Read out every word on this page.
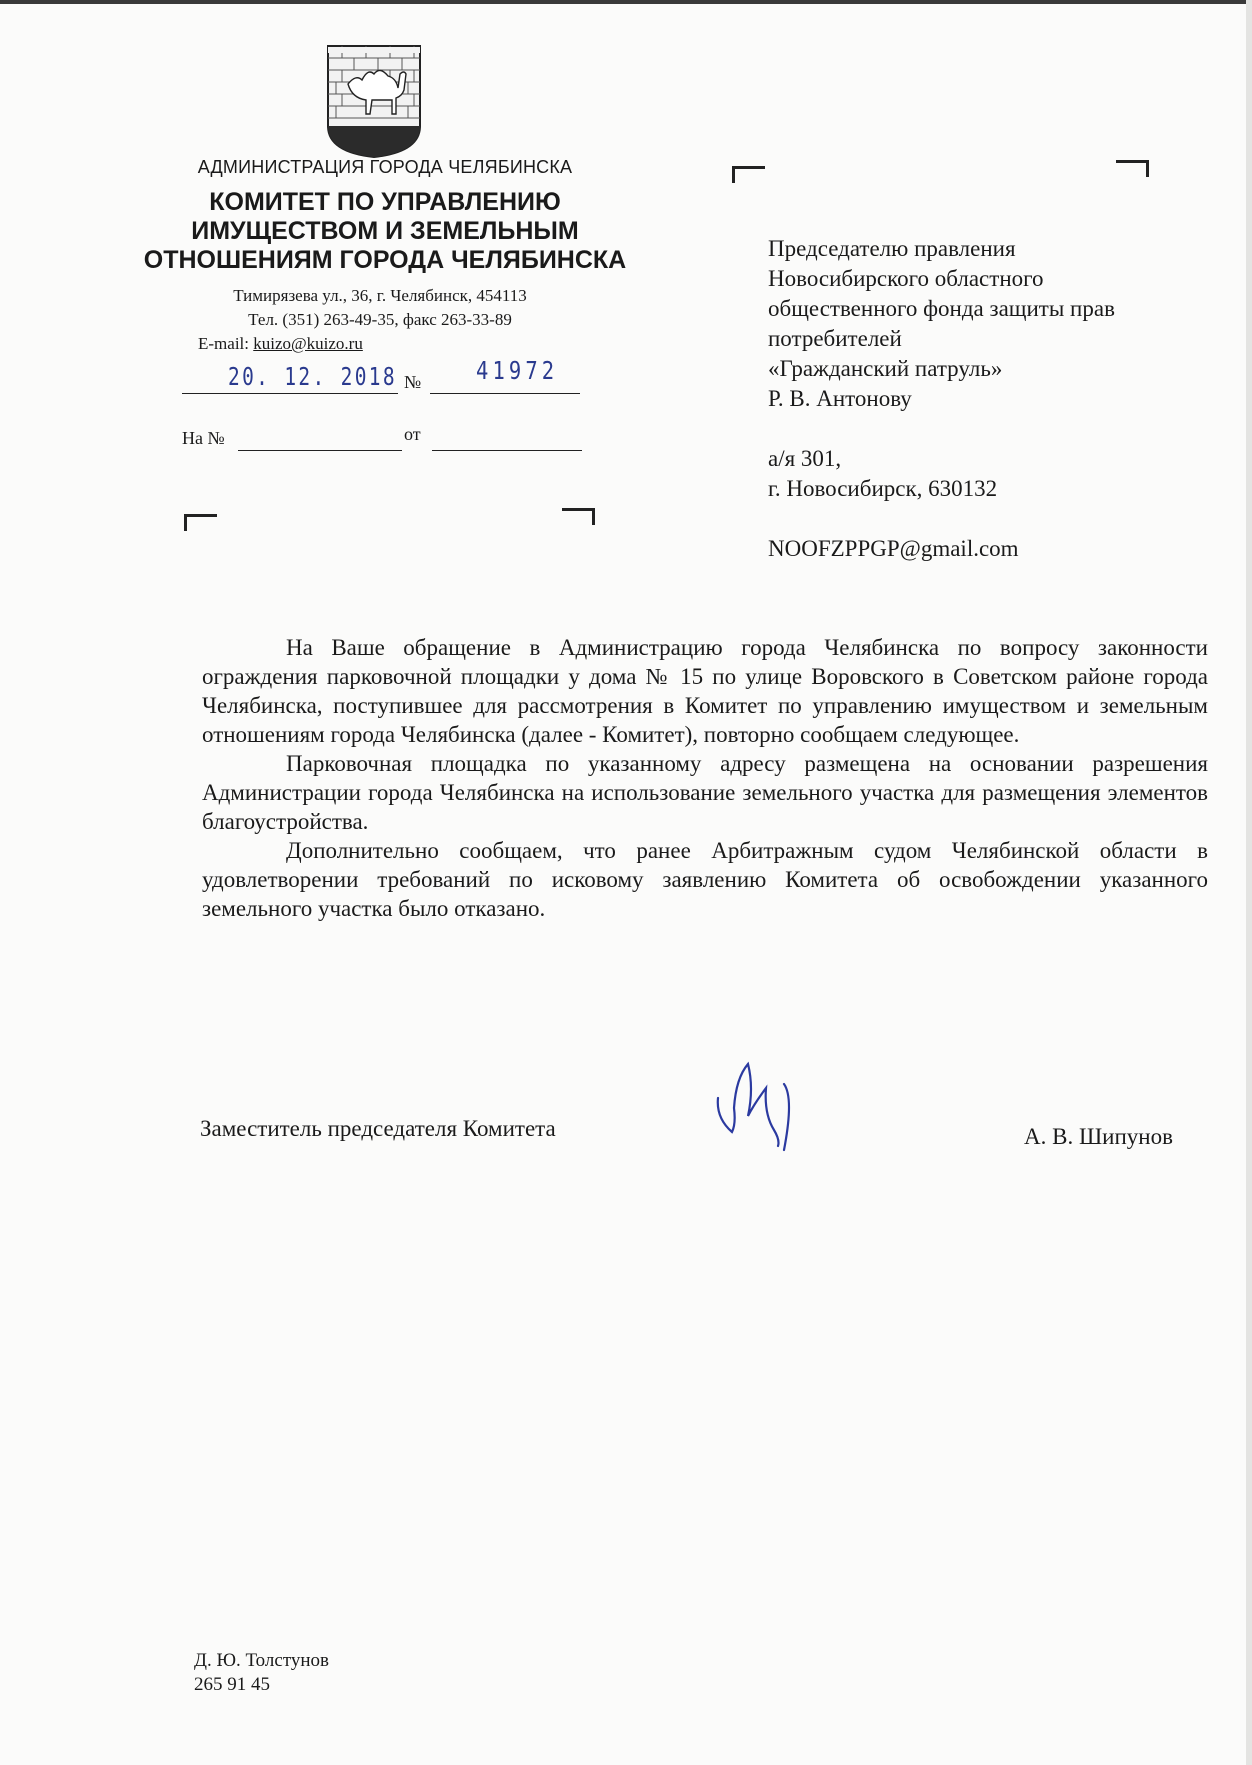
АДМИНИСТРАЦИЯ ГОРОДА ЧЕЛЯБИНСКА
КОМИТЕТ ПО УПРАВЛЕНИЮ
ИМУЩЕСТВОМ И ЗЕМЕЛЬНЫМ
ОТНОШЕНИЯМ ГОРОДА ЧЕЛЯБИНСКА
Тимирязева ул., 36, г. Челябинск, 454113
Тел. (351) 263-49-35, факс 263-33-89
E-mail: kuizo@kuizo.ru
20. 12. 2018 № 41972
На №	от
Председателю правления
Новосибирского областного
общественного фонда защиты прав
потребителей
«Гражданский патруль»
Р. В. Антонову
а/я 301,
г. Новосибирск, 630132
NOOFZPPGP@gmail.com

На Ваше обращение в Администрацию города Челябинска по вопросу законности ограждения парковочной площадки у дома № 15 по улице Воровского в Советском районе города Челябинска, поступившее для рассмотрения в Комитет по управлению имуществом и земельным отношениям города Челябинска (далее - Комитет), повторно сообщаем следующее.

Парковочная площадка по указанному адресу размещена на основании разрешения Администрации города Челябинска на использование земельного участка для размещения элементов благоустройства.

Дополнительно сообщаем, что ранее Арбитражным судом Челябинской области в удовлетворении требований по исковому заявлению Комитета об освобождении указанного земельного участка было отказано.

Заместитель председателя Комитета	А. В. Шипунов
Д. Ю. Толстунов
265 91 45
